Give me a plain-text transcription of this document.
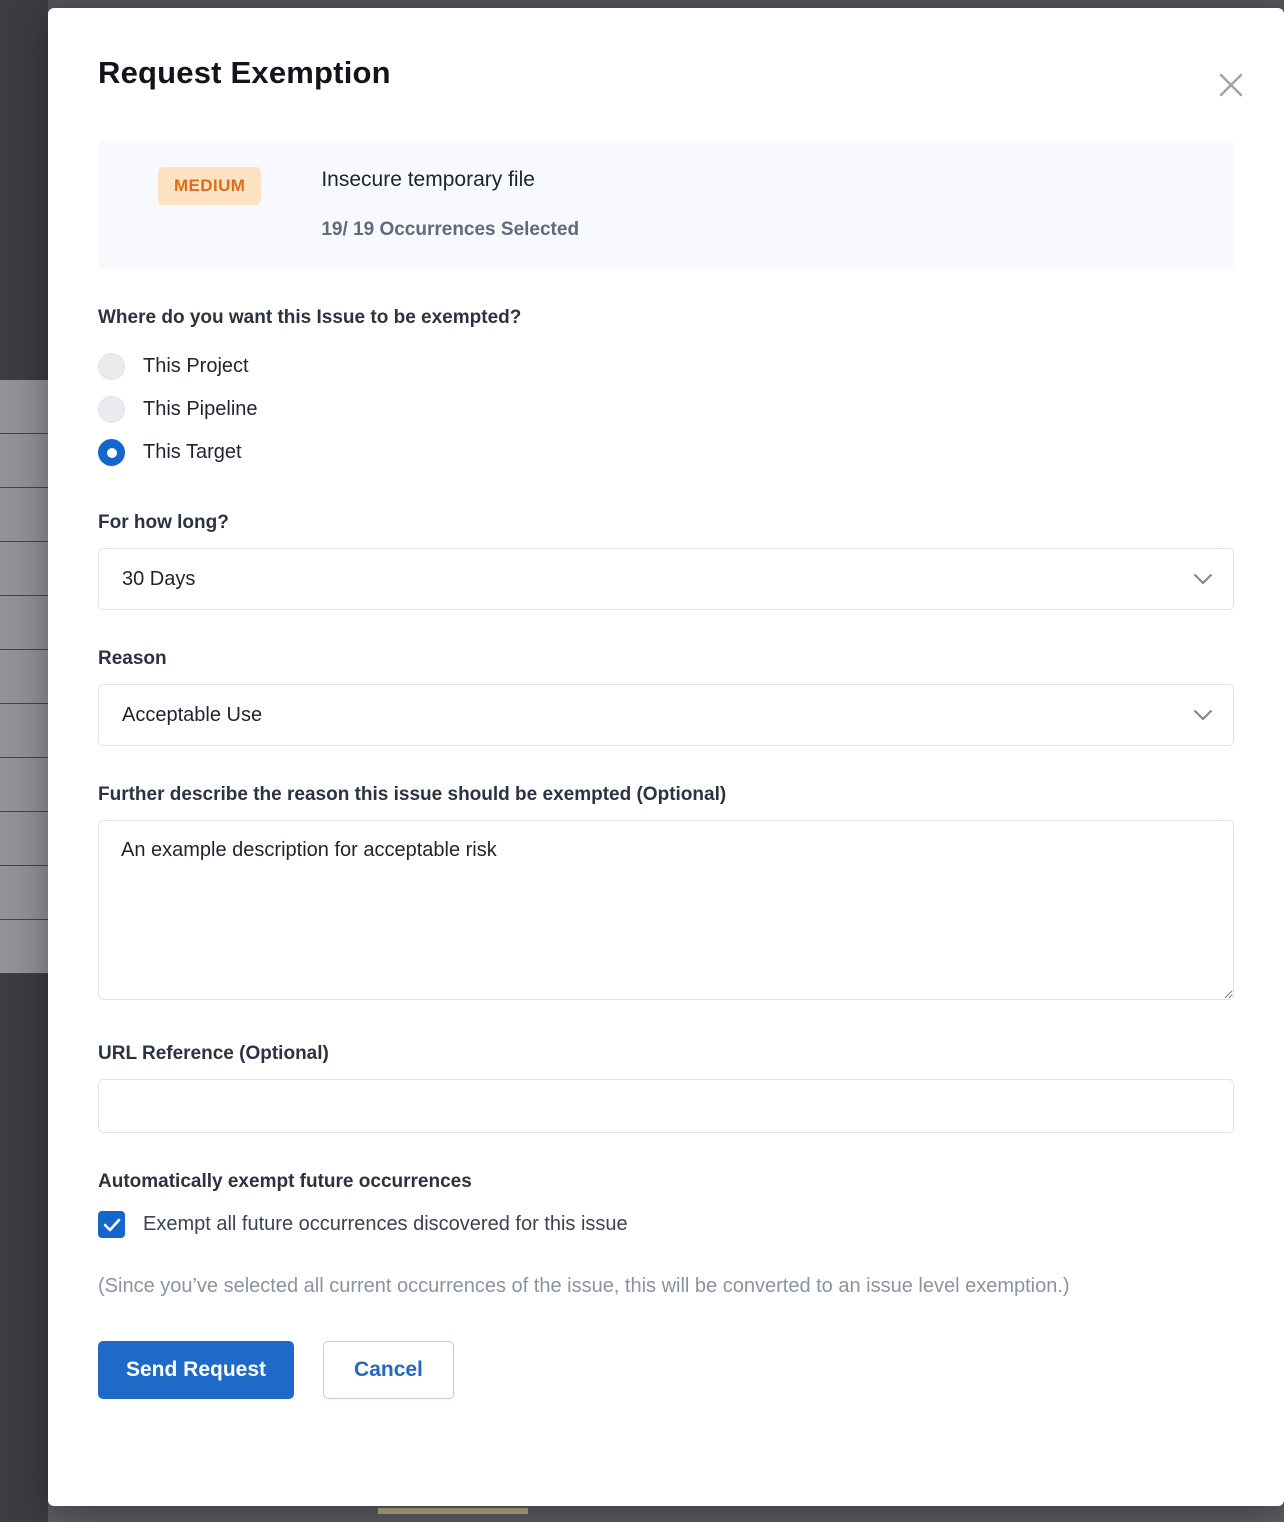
Request Exemption
MEDIUM	Insecure temporary file
19/ 19 Occurrences Selected
Where do you want this Issue to be exempted?
This Project
This Pipeline
This Target
For how long?
30 Days
Reason
Acceptable Use
Further describe the reason this issue should be exempted (Optional)
An example description for acceptable risk
URL Reference (Optional)
Automatically exempt future occurrences
Exempt all future occurrences discovered for this issue
(Since you’ve selected all current occurrences of the issue, this will be converted to an issue level exemption.)
Send Request	Cancel
